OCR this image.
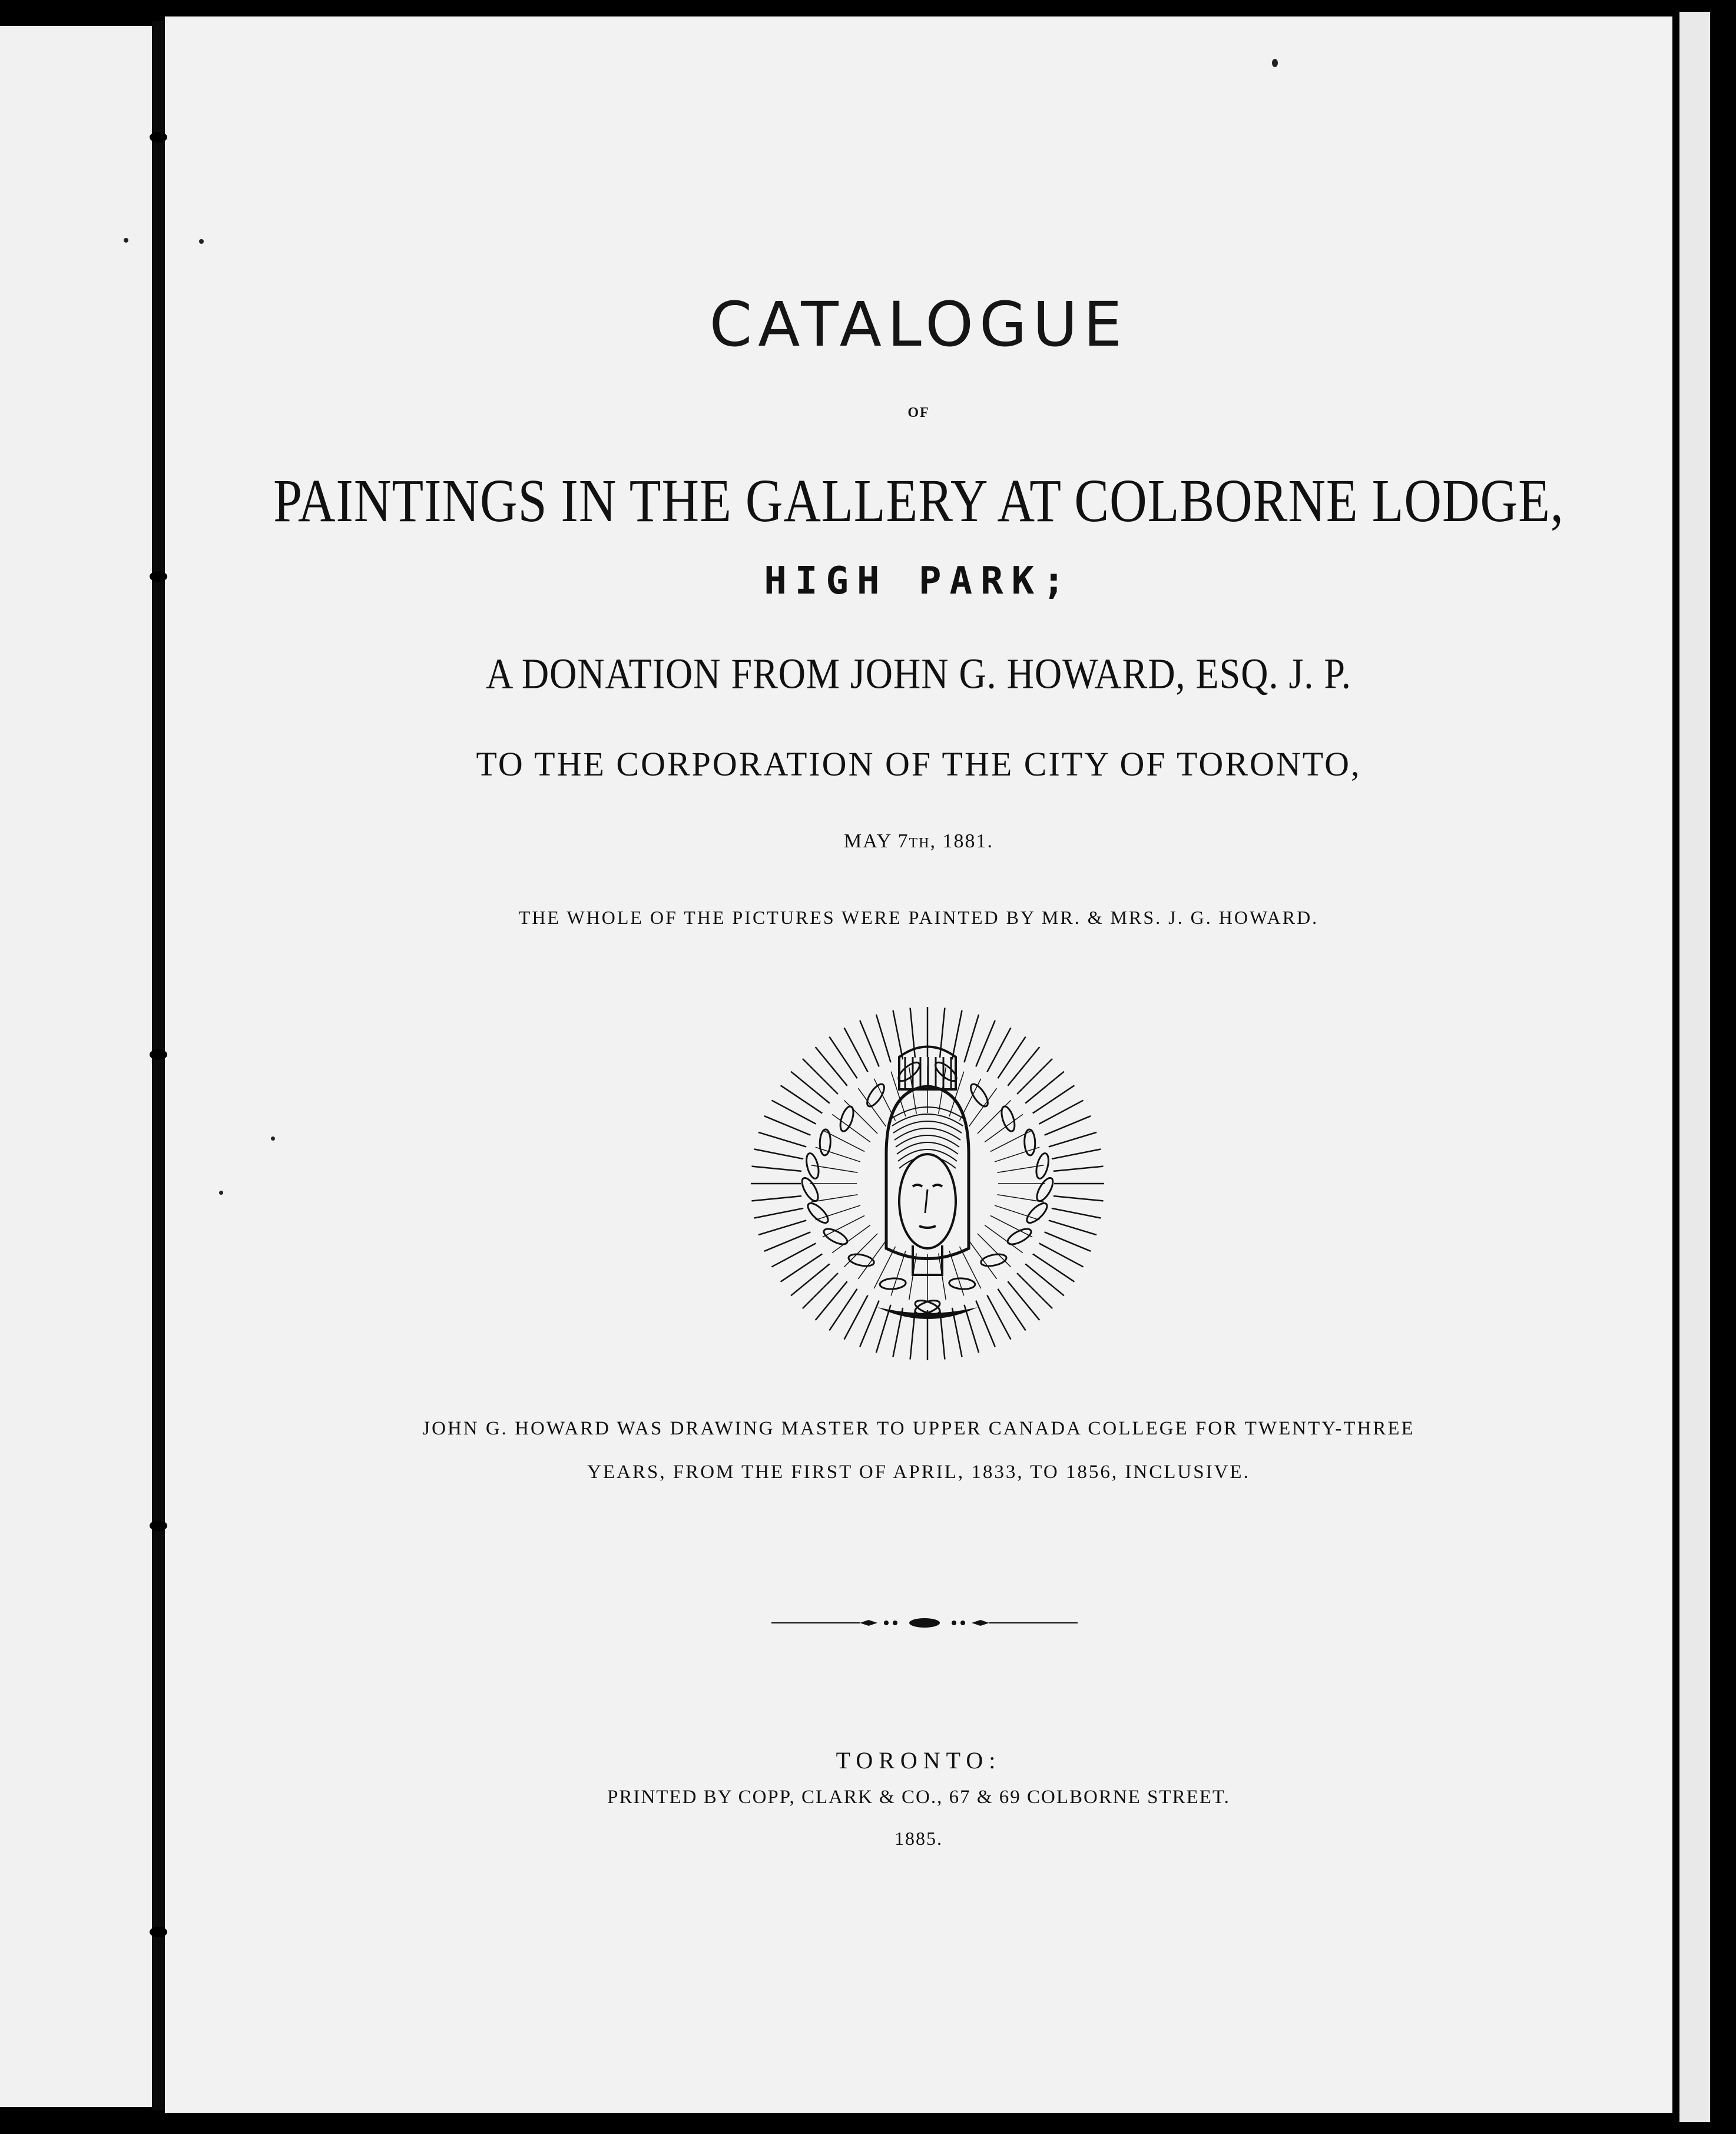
CATALOGUE

OF

PAINTINGS IN THE GALLERY AT COLBORNE LODGE,

HIGH PARK;

A DONATION FROM JOHN G. HOWARD, ESQ. J. P.

TO THE CORPORATION OF THE CITY OF TORONTO,

MAY 7TH, 1881.

THE WHOLE OF THE PICTURES WERE PAINTED BY MR. & MRS. J. G. HOWARD.

JOHN G. HOWARD WAS DRAWING MASTER TO UPPER CANADA COLLEGE FOR TWENTY-THREE

YEARS, FROM THE FIRST OF APRIL, 1833, TO 1856, INCLUSIVE.

TORONTO:

PRINTED BY COPP, CLARK & CO., 67 & 69 COLBORNE STREET.

1885.
